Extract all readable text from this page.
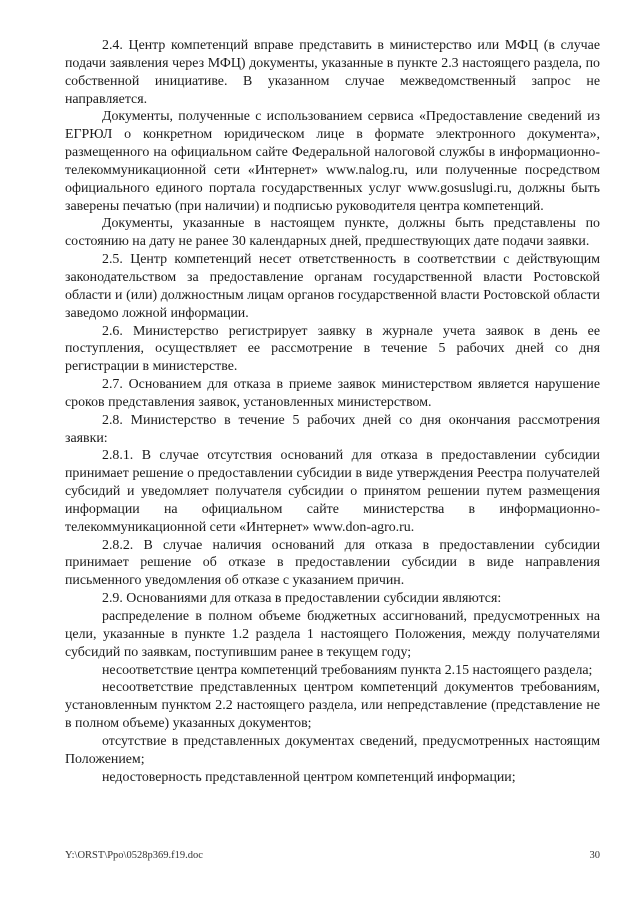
2.4. Центр компетенций вправе представить в министерство или МФЦ (в случае подачи заявления через МФЦ) документы, указанные в пункте 2.3 настоящего раздела, по собственной инициативе. В указанном случае межведомственный запрос не направляется.

Документы, полученные с использованием сервиса «Предоставление сведений из ЕГРЮЛ о конкретном юридическом лице в формате электронного документа», размещенного на официальном сайте Федеральной налоговой службы в информационно-телекоммуникационной сети «Интернет» www.nalog.ru, или полученные посредством официального единого портала государственных услуг www.gosuslugi.ru, должны быть заверены печатью (при наличии) и подписью руководителя центра компетенций.

Документы, указанные в настоящем пункте, должны быть представлены по состоянию на дату не ранее 30 календарных дней, предшествующих дате подачи заявки.

2.5. Центр компетенций несет ответственность в соответствии с действующим законодательством за предоставление органам государственной власти Ростовской области и (или) должностным лицам органов государственной власти Ростовской области заведомо ложной информации.

2.6. Министерство регистрирует заявку в журнале учета заявок в день ее поступления, осуществляет ее рассмотрение в течение 5 рабочих дней со дня регистрации в министерстве.

2.7. Основанием для отказа в приеме заявок министерством является нарушение сроков представления заявок, установленных министерством.

2.8. Министерство в течение 5 рабочих дней со дня окончания рассмотрения заявки:

2.8.1. В случае отсутствия оснований для отказа в предоставлении субсидии принимает решение о предоставлении субсидии в виде утверждения Реестра получателей субсидий и уведомляет получателя субсидии о принятом решении путем размещения информации на официальном сайте министерства в информационно-телекоммуникационной сети «Интернет» www.don-agro.ru.

2.8.2. В случае наличия оснований для отказа в предоставлении субсидии принимает решение об отказе в предоставлении субсидии в виде направления письменного уведомления об отказе с указанием причин.

2.9. Основаниями для отказа в предоставлении субсидии являются:

распределение в полном объеме бюджетных ассигнований, предусмотренных на цели, указанные в пункте 1.2 раздела 1 настоящего Положения, между получателями субсидий по заявкам, поступившим ранее в текущем году;

несоответствие центра компетенций требованиям пункта 2.15 настоящего раздела;

несоответствие представленных центром компетенций документов требованиям, установленным пунктом 2.2 настоящего раздела, или непредставление (представление не в полном объеме) указанных документов;

отсутствие в представленных документах сведений, предусмотренных настоящим Положением;

недостоверность представленной центром компетенций информации;

Y:\ORST\Ppo\0528p369.f19.doc	30
